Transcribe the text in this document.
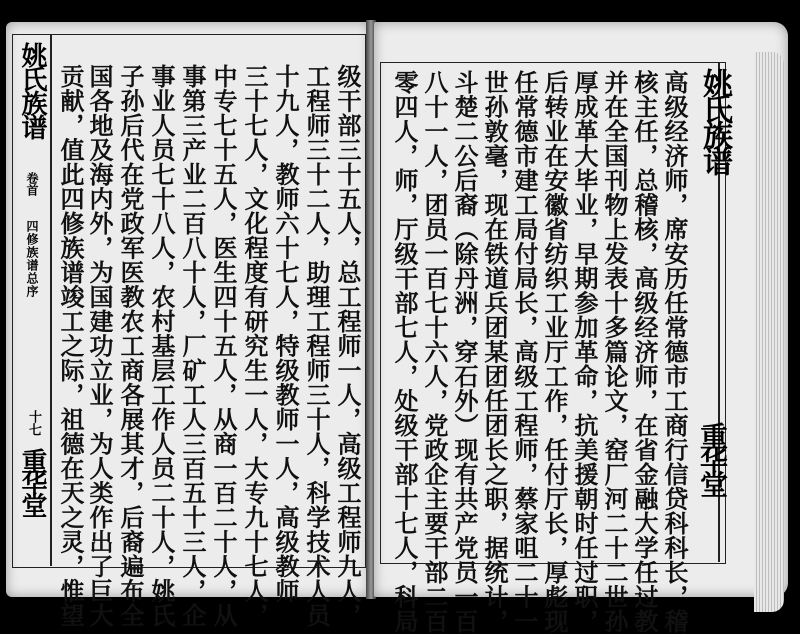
姚氏族谱
卷首
四修族谱总序
十七
重华堂	级干部三十五人，总工程师一人，高级工程师九人，
工程师三十二人，助理工程师三十人，科学技术人员
十九人，教师六十七人，特级教师一人，高级教师
三十七人，文化程度有研究生一人，大专九十七人，
中专七十五人，医生四十五人，从商一百二十人，从
事第三产业二百八十人，厂矿工人三百五十三人，企
事业人员七十八人，农村基层工作人员二十人，姚氏
子孙后代在党政军医教农工商各展其才，后裔遍布全
国各地及海内外，为国建功立业，为人类作出了巨大
贡献，值此四修族谱竣工之际，祖德在天之灵，惟望	姚氏族谱
重华堂
高级经济师，席安历任常德市工商行信贷科科长，稽
核主任，总稽核，高级经济师，在省金融大学任过教
并在全国刊物上发表十多篇论文，窑厂河二十二世孙
厚成革大毕业，早期参加革命，抗美援朝时任过职，
后转业在安徽省纺织工业厅工作，任付厅长，厚彪现
任常德市建工局付局长，高级工程师，蔡家咀二十一
世孙敦毫，现在铁道兵团某团任团长之职，据统计，
斗楚二公后裔（除丹洲，穿石外）现有共产党员一百
八十一人，团员一百七十六人，党政企主要干部二百
零四人，师，厅级干部七人，处级干部十七人，科局
